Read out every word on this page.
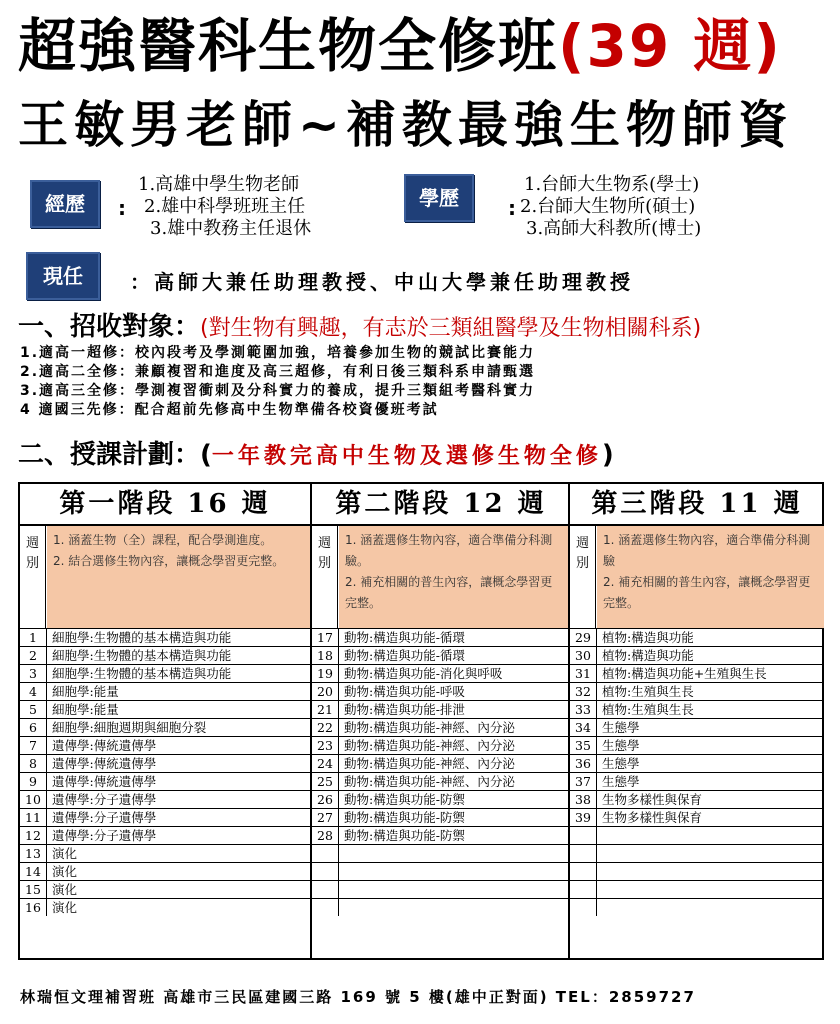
超強醫科生物全修班(39 週)
王敏男老師~補教最強生物師資
經歷	:
1.高雄中學生物老師
2.雄中科學班班主任
3.雄中教務主任退休
學歷	:
1.台師大生物系(學士)
2.台師大生物所(碩士)
3.高師大科教所(博士)
現任	：高師大兼任助理教授、中山大學兼任助理教授
一、招收對象：(對生物有興趣，有志於三類組醫學及生物相關科系)
1.適高一超修：校內段考及學測範圍加強，培養參加生物的競試比賽能力
2.適高二全修：兼顧複習和進度及高三超修，有利日後三類科系申請甄選
3.適高三全修：學測複習衝刺及分科實力的養成，提升三類組考醫科實力
4 適國三先修：配合超前先修高中生物準備各校資優班考試
二、授課計劃：(一年教完高中生物及選修生物全修)
第一階段 16 週
週別
1. 涵蓋生物（全）課程，配合學測進度。
2. 結合選修生物內容，讓概念學習更完整。
1	細胞學:生物體的基本構造與功能
2	細胞學:生物體的基本構造與功能
3	細胞學:生物體的基本構造與功能
4	細胞學:能量
5	細胞學:能量
6	細胞學:細胞週期與細胞分裂
7	遺傳學:傳統遺傳學
8	遺傳學:傳統遺傳學
9	遺傳學:傳統遺傳學
10 遺傳學:分子遺傳學
11 遺傳學:分子遺傳學
12 遺傳學:分子遺傳學
13 演化
14 演化
15 演化
16 演化
第二階段 12 週
週別
1. 涵蓋選修生物內容，適合準備分科測驗。
2. 補充相關的普生內容，讓概念學習更完整。
17 動物:構造與功能-循環
18 動物:構造與功能-循環
19 動物:構造與功能-消化與呼吸
20 動物:構造與功能-呼吸
21 動物:構造與功能-排泄
22 動物:構造與功能-神經、內分泌
23 動物:構造與功能-神經、內分泌
24 動物:構造與功能-神經、內分泌
25 動物:構造與功能-神經、內分泌
26 動物:構造與功能-防禦
27 動物:構造與功能-防禦
28 動物:構造與功能-防禦
第三階段 11 週
週別
1. 涵蓋選修生物內容，適合準備分科測驗
2. 補充相關的普生內容，讓概念學習更完整。
29 植物:構造與功能
30 植物:構造與功能
31 植物:構造與功能+生殖與生長
32 植物:生殖與生長
33 植物:生殖與生長
34 生態學
35 生態學
36 生態學
37 生態學
38 生物多樣性與保育
39 生物多樣性與保育
林瑞恒文理補習班 高雄市三民區建國三路 169 號 5 樓(雄中正對面) TEL：2859727
